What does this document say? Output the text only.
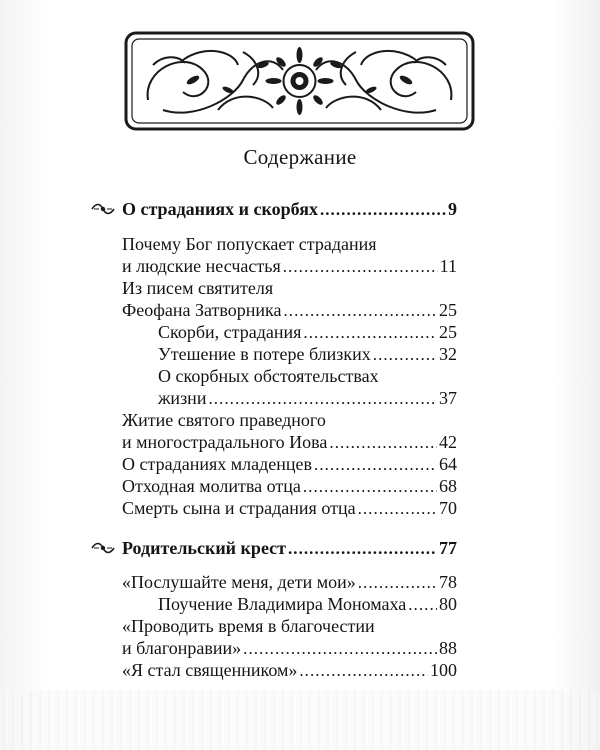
Содержание
О страданиях и скорбях . . .	9
Почему Бог попускает страдания
и людские несчастья . . .	11
Из писем святителя
Феофана Затворника . . .	25
Скорби, страдания . . .	25
Утешение в потере близких . . .	32
О скорбных обстоятельствах
жизни . . .	37
Житие святого праведного
и многострадального Иова . . .	42
О страданиях младенцев . . .	64
Отходная молитва отца . . .	68
Смерть сына и страдания отца . . .	70
Родительский крест . . .	77
«Послушайте меня, дети мои» . . .	78
Поучение Владимира Мономаха . . . 80
«Проводить время в благочестии
и благонравии» . . .	88
«Я стал священником» . . .	100
